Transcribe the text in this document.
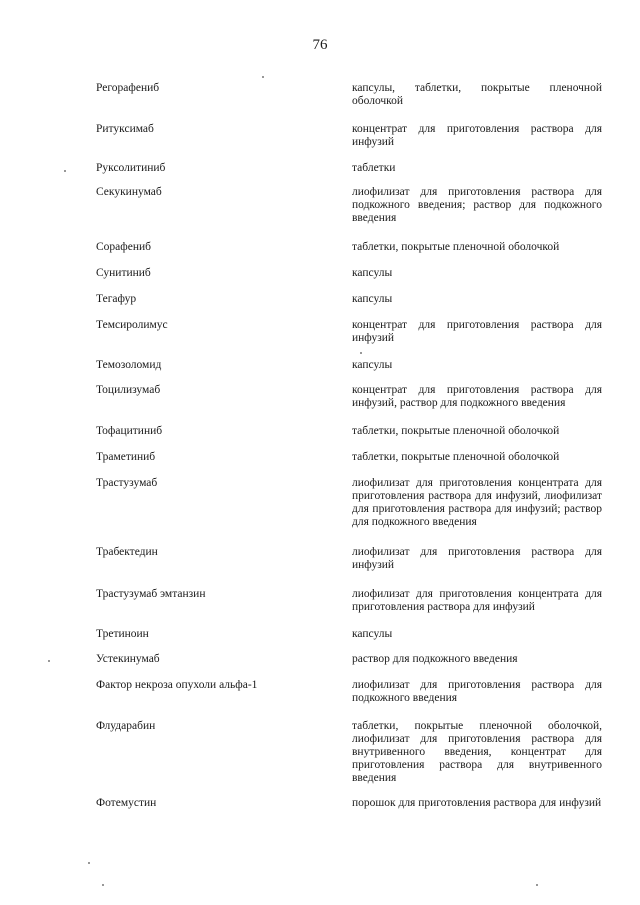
76
Регорафениб	капсулы, таблетки, покрытые пленочной оболочкой
Ритуксимаб	концентрат для приготовления раствора для инфузий
Руксолитиниб	таблетки
Секукинумаб	лиофилизат для приготовления раствора для подкожного введения; раствор для подкожного введения
Сорафениб	таблетки, покрытые пленочной оболочкой
Сунитиниб	капсулы
Тегафур	капсулы
Темсиролимус	концентрат для приготовления раствора для инфузий
Темозоломид	капсулы
Тоцилизумаб	концентрат для приготовления раствора для инфузий, раствор для подкожного введения
Тофацитиниб	таблетки, покрытые пленочной оболочкой
Траметиниб	таблетки, покрытые пленочной оболочкой
Трастузумаб	лиофилизат для приготовления концентрата для приготовления раствора для инфузий, лиофилизат для приготовления раствора для инфузий; раствор для подкожного введения
Трабектедин	лиофилизат для приготовления раствора для инфузий
Трастузумаб эмтанзин	лиофилизат для приготовления концентрата для приготовления раствора для инфузий
Третиноин	капсулы
Устекинумаб	раствор для подкожного введения
Фактор некроза опухоли альфа-1	лиофилизат для приготовления раствора для подкожного введения
Флударабин	таблетки, покрытые пленочной оболочкой, лиофилизат для приготовления раствора для внутривенного введения, концентрат для приготовления раствора для внутривенного введения
Фотемустин	порошок для приготовления раствора для инфузий
